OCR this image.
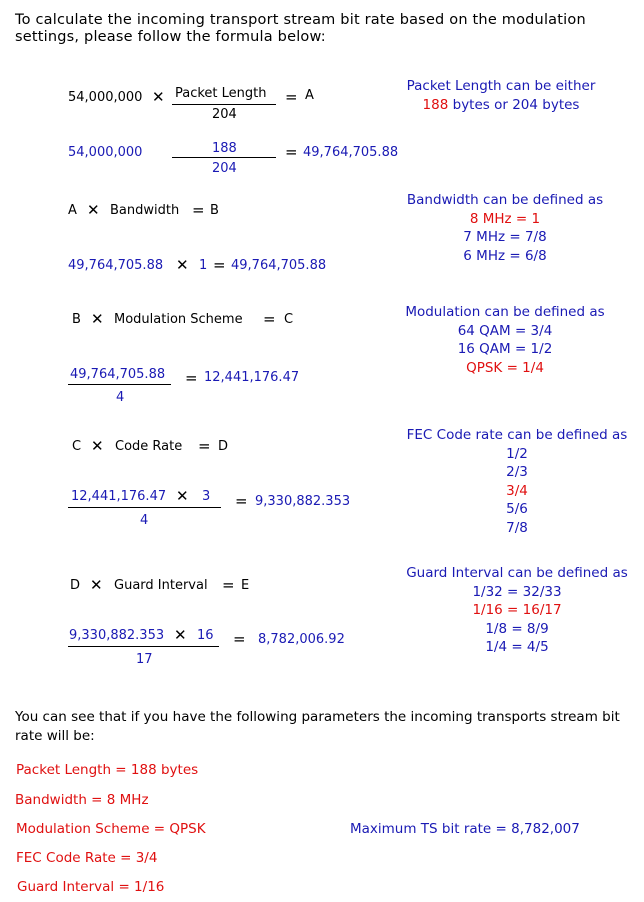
To calculate the incoming transport stream bit rate based on the modulation settings, please follow the formula below:
54,000,000 ✕ Packet Length
204
= A
54,000,000	188
204
= 49,764,705.88
Packet Length can be either
188 bytes or 204 bytes
A ✕ Bandwidth = B
49,764,705.88 ✕ 1 = 49,764,705.88
Bandwidth can be defined as
8 MHz = 1
7 MHz = 7/8
6 MHz = 6/8
B ✕ Modulation Scheme = C
49,764,705.88
4
= 12,441,176.47
Modulation can be defined as
64 QAM = 3/4
16 QAM = 1/2
QPSK = 1/4
C ✕ Code Rate = D
12,441,176.47 ✕ 3
4
= 9,330,882.353
FEC Code rate can be defined as
1/2
2/3
3/4
5/6
7/8
D ✕ Guard Interval = E
9,330,882.353 ✕ 16
17
= 8,782,006.92
Guard Interval can be defined as
1/32 = 32/33
1/16 = 16/17
1/8 = 8/9
1/4 = 4/5
You can see that if you have the following parameters the incoming transports stream bit rate will be:
Packet Length = 188 bytes
Bandwidth = 8 MHz
Modulation Scheme = QPSK
FEC Code Rate = 3/4
Guard Interval = 1/16
Maximum TS bit rate = 8,782,007
